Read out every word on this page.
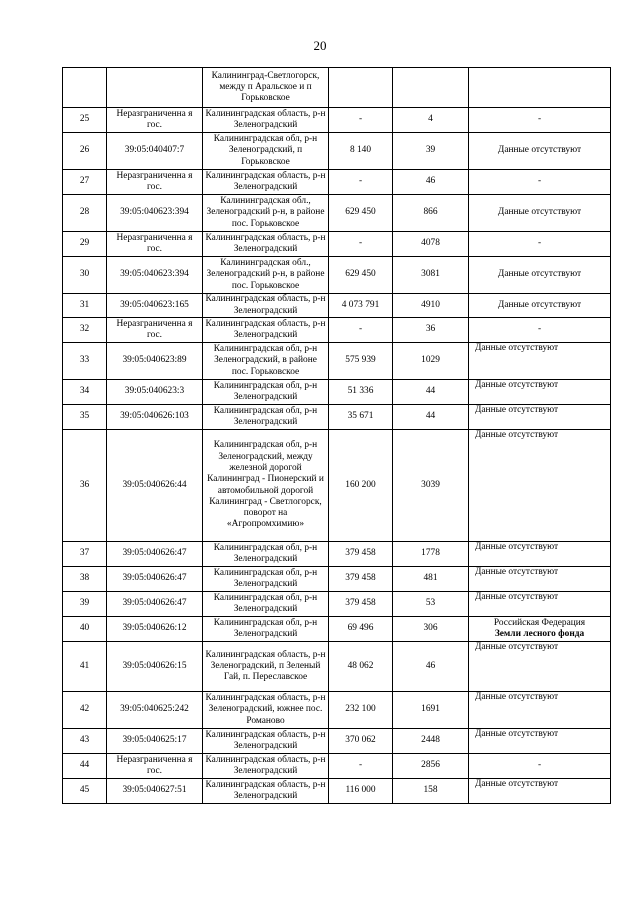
20
		Калининград-Светлогорск, между п Аральское и п Горьковское			
25	Неразграниченна я гос.	Калининградская область, р-н Зеленоградский	-	4	-
26	39:05:040407:7	Калининградская обл, р-н Зеленоградский, п Горьковское	8 140	39	Данные отсутствуют
27	Неразграниченна я гос.	Калининградская область, р-н Зеленоградский	-	46	-
28	39:05:040623:394	Калининградская обл., Зеленоградский р-н, в районе пос. Горьковское	629 450	866	Данные отсутствуют
29	Неразграниченна я гос.	Калининградская область, р-н Зеленоградский	-	4078	-
30	39:05:040623:394	Калининградская обл., Зеленоградский р-н, в районе пос. Горьковское	629 450	3081	Данные отсутствуют
31	39:05:040623:165	Калининградская область, р-н Зеленоградский	4 073 791	4910	Данные отсутствуют
32	Неразграниченна я гос.	Калининградская область, р-н Зеленоградский	-	36	-
33	39:05:040623:89	Калининградская обл, р-н Зеленоградский, в районе пос. Горьковское	575 939	1029	Данные отсутствуют
34	39:05:040623:3	Калининградская обл, р-н Зеленоградский	51 336	44	Данные отсутствуют
35	39:05:040626:103	Калининградская обл, р-н Зеленоградский	35 671	44	Данные отсутствуют
36	39:05:040626:44	Калининградская обл, р-н Зеленоградский, между железной дорогой Калининград - Пионерский и автомобильной дорогой Калининград - Светлогорск, поворот на «Агропромхимию»	160 200	3039	Данные отсутствуют
37	39:05:040626:47	Калининградская обл, р-н Зеленоградский	379 458	1778	Данные отсутствуют
38	39:05:040626:47	Калининградская обл, р-н Зеленоградский	379 458	481	Данные отсутствуют
39	39:05:040626:47	Калининградская обл, р-н Зеленоградский	379 458	53	Данные отсутствуют
40	39:05:040626:12	Калининградская обл, р-н Зеленоградский	69 496	306	Российская Федерация
Земли лесного фонда
41	39:05:040626:15	Калининградская область, р-н Зеленоградский, п Зеленый Гай, п. Переславское	48 062	46	Данные отсутствуют
42	39:05:040625:242	Калининградская область, р-н Зеленоградский, южнее пос. Романово	232 100	1691	Данные отсутствуют
43	39:05:040625:17	Калининградская область, р-н Зеленоградский	370 062	2448	Данные отсутствуют
44	Неразграниченна я гос.	Калининградская область, р-н Зеленоградский	-	2856	-
45	39:05:040627:51	Калининградская область, р-н Зеленоградский	116 000	158	Данные отсутствуют
